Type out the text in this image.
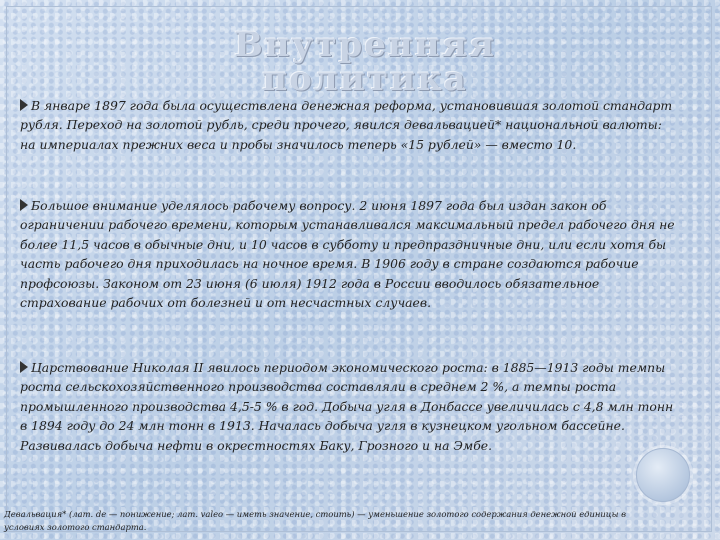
Внутренняя политика

В январе 1897 года была осуществлена денежная реформа, установившая золотой стандарт рубля. Переход на золотой рубль, среди прочего, явился девальвацией* национальной валюты: на империалах прежних веса и пробы значилось теперь «15 рублей» — вместо 10.

Большое внимание уделялось рабочему вопросу. 2 июня 1897 года был издан закон об ограничении рабочего времени, которым устанавливался максимальный предел рабочего дня не более 11,5 часов в обычные дни, и 10 часов в субботу и предпраздничные дни, или если хотя бы часть рабочего дня приходилась на ночное время. В 1906 году в стране создаются рабочие профсоюзы. Законом от 23 июня (6 июля) 1912 года в России вводилось обязательное страхование рабочих от болезней и от несчастных случаев.

Царствование Николая II явилось периодом экономического роста: в 1885—1913 годы темпы роста сельскохозяйственного производства составляли в среднем 2 %, а темпы роста промышленного производства 4,5-5 % в год. Добыча угля в Донбассе увеличилась с 4,8 млн тонн в 1894 году до 24 млн тонн в 1913. Началась добыча угля в кузнецком угольном бассейне. Развивалась добыча нефти в окрестностях Баку, Грозного и на Эмбе.

Девальвация* (лат. de — понижение; лат. valeo — иметь значение, стоить) — уменьшение золотого содержания денежной единицы в условиях золотого стандарта.
